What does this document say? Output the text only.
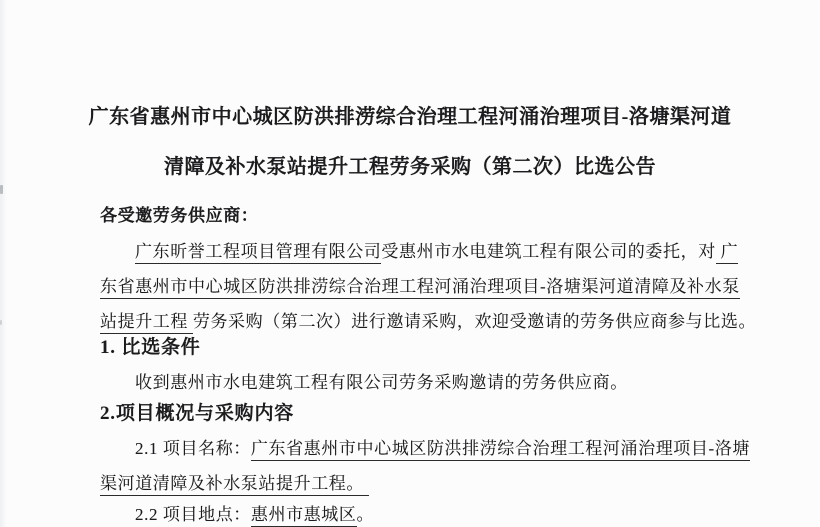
广东省惠州市中心城区防洪排涝综合治理工程河涌治理项目-洛塘渠河道
清障及补水泵站提升工程劳务采购（第二次）比选公告
各受邀劳务供应商：
广东昕誉工程项目管理有限公司受惠州市水电建筑工程有限公司的委托，对 广
东省惠州市中心城区防洪排涝综合治理工程河涌治理项目-洛塘渠河道清障及补水泵
站提升工程 劳务采购（第二次）进行邀请采购，欢迎受邀请的劳务供应商参与比选。
1. 比选条件
收到惠州市水电建筑工程有限公司劳务采购邀请的劳务供应商。
2.项目概况与采购内容
2.1 项目名称：广东省惠州市中心城区防洪排涝综合治理工程河涌治理项目-洛塘
渠河道清障及补水泵站提升工程。
2.2 项目地点：惠州市惠城区。
